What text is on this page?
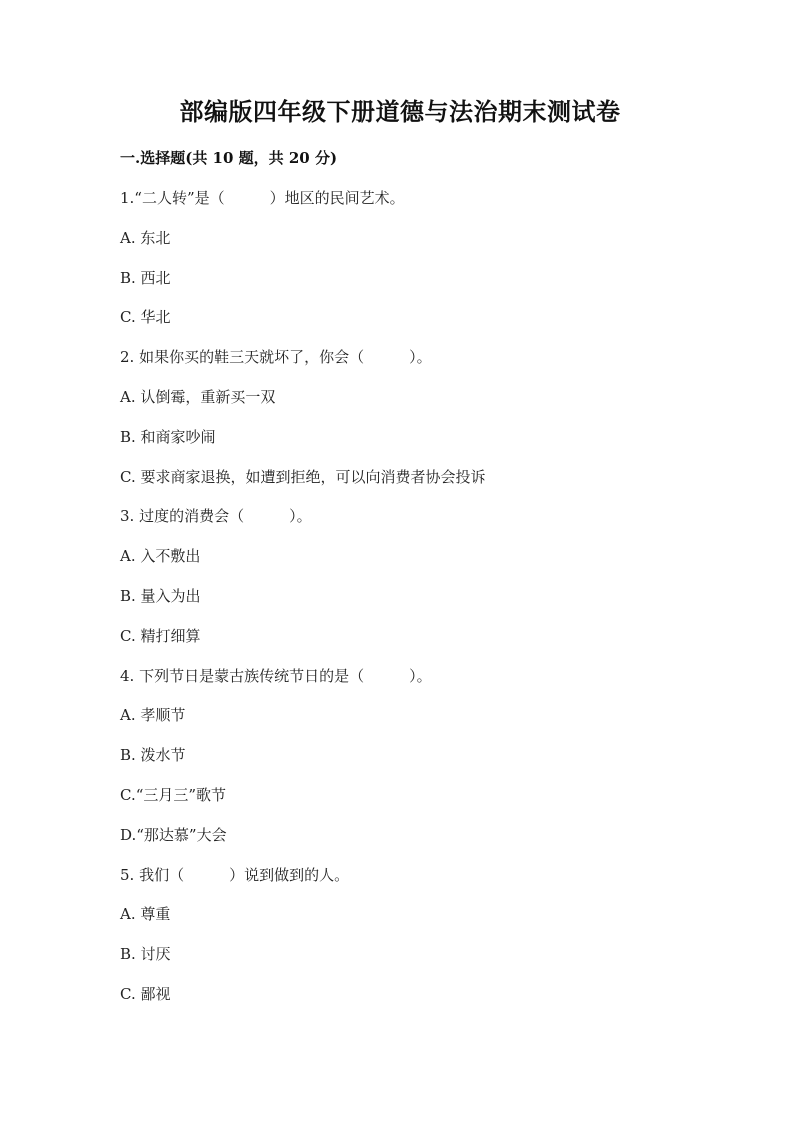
部编版四年级下册道德与法治期末测试卷
一.选择题(共 10 题，共 20 分)
1.“二人转”是（　　　）地区的民间艺术。
A. 东北
B. 西北
C. 华北
2. 如果你买的鞋三天就坏了，你会（　　　）。
A. 认倒霉，重新买一双
B. 和商家吵闹
C. 要求商家退换，如遭到拒绝，可以向消费者协会投诉
3. 过度的消费会（　　　）。
A. 入不敷出
B. 量入为出
C. 精打细算
4. 下列节日是蒙古族传统节日的是（　　　）。
A. 孝顺节
B. 泼水节
C.“三月三”歌节
D.“那达慕”大会
5. 我们（　　　）说到做到的人。
A. 尊重
B. 讨厌
C. 鄙视
